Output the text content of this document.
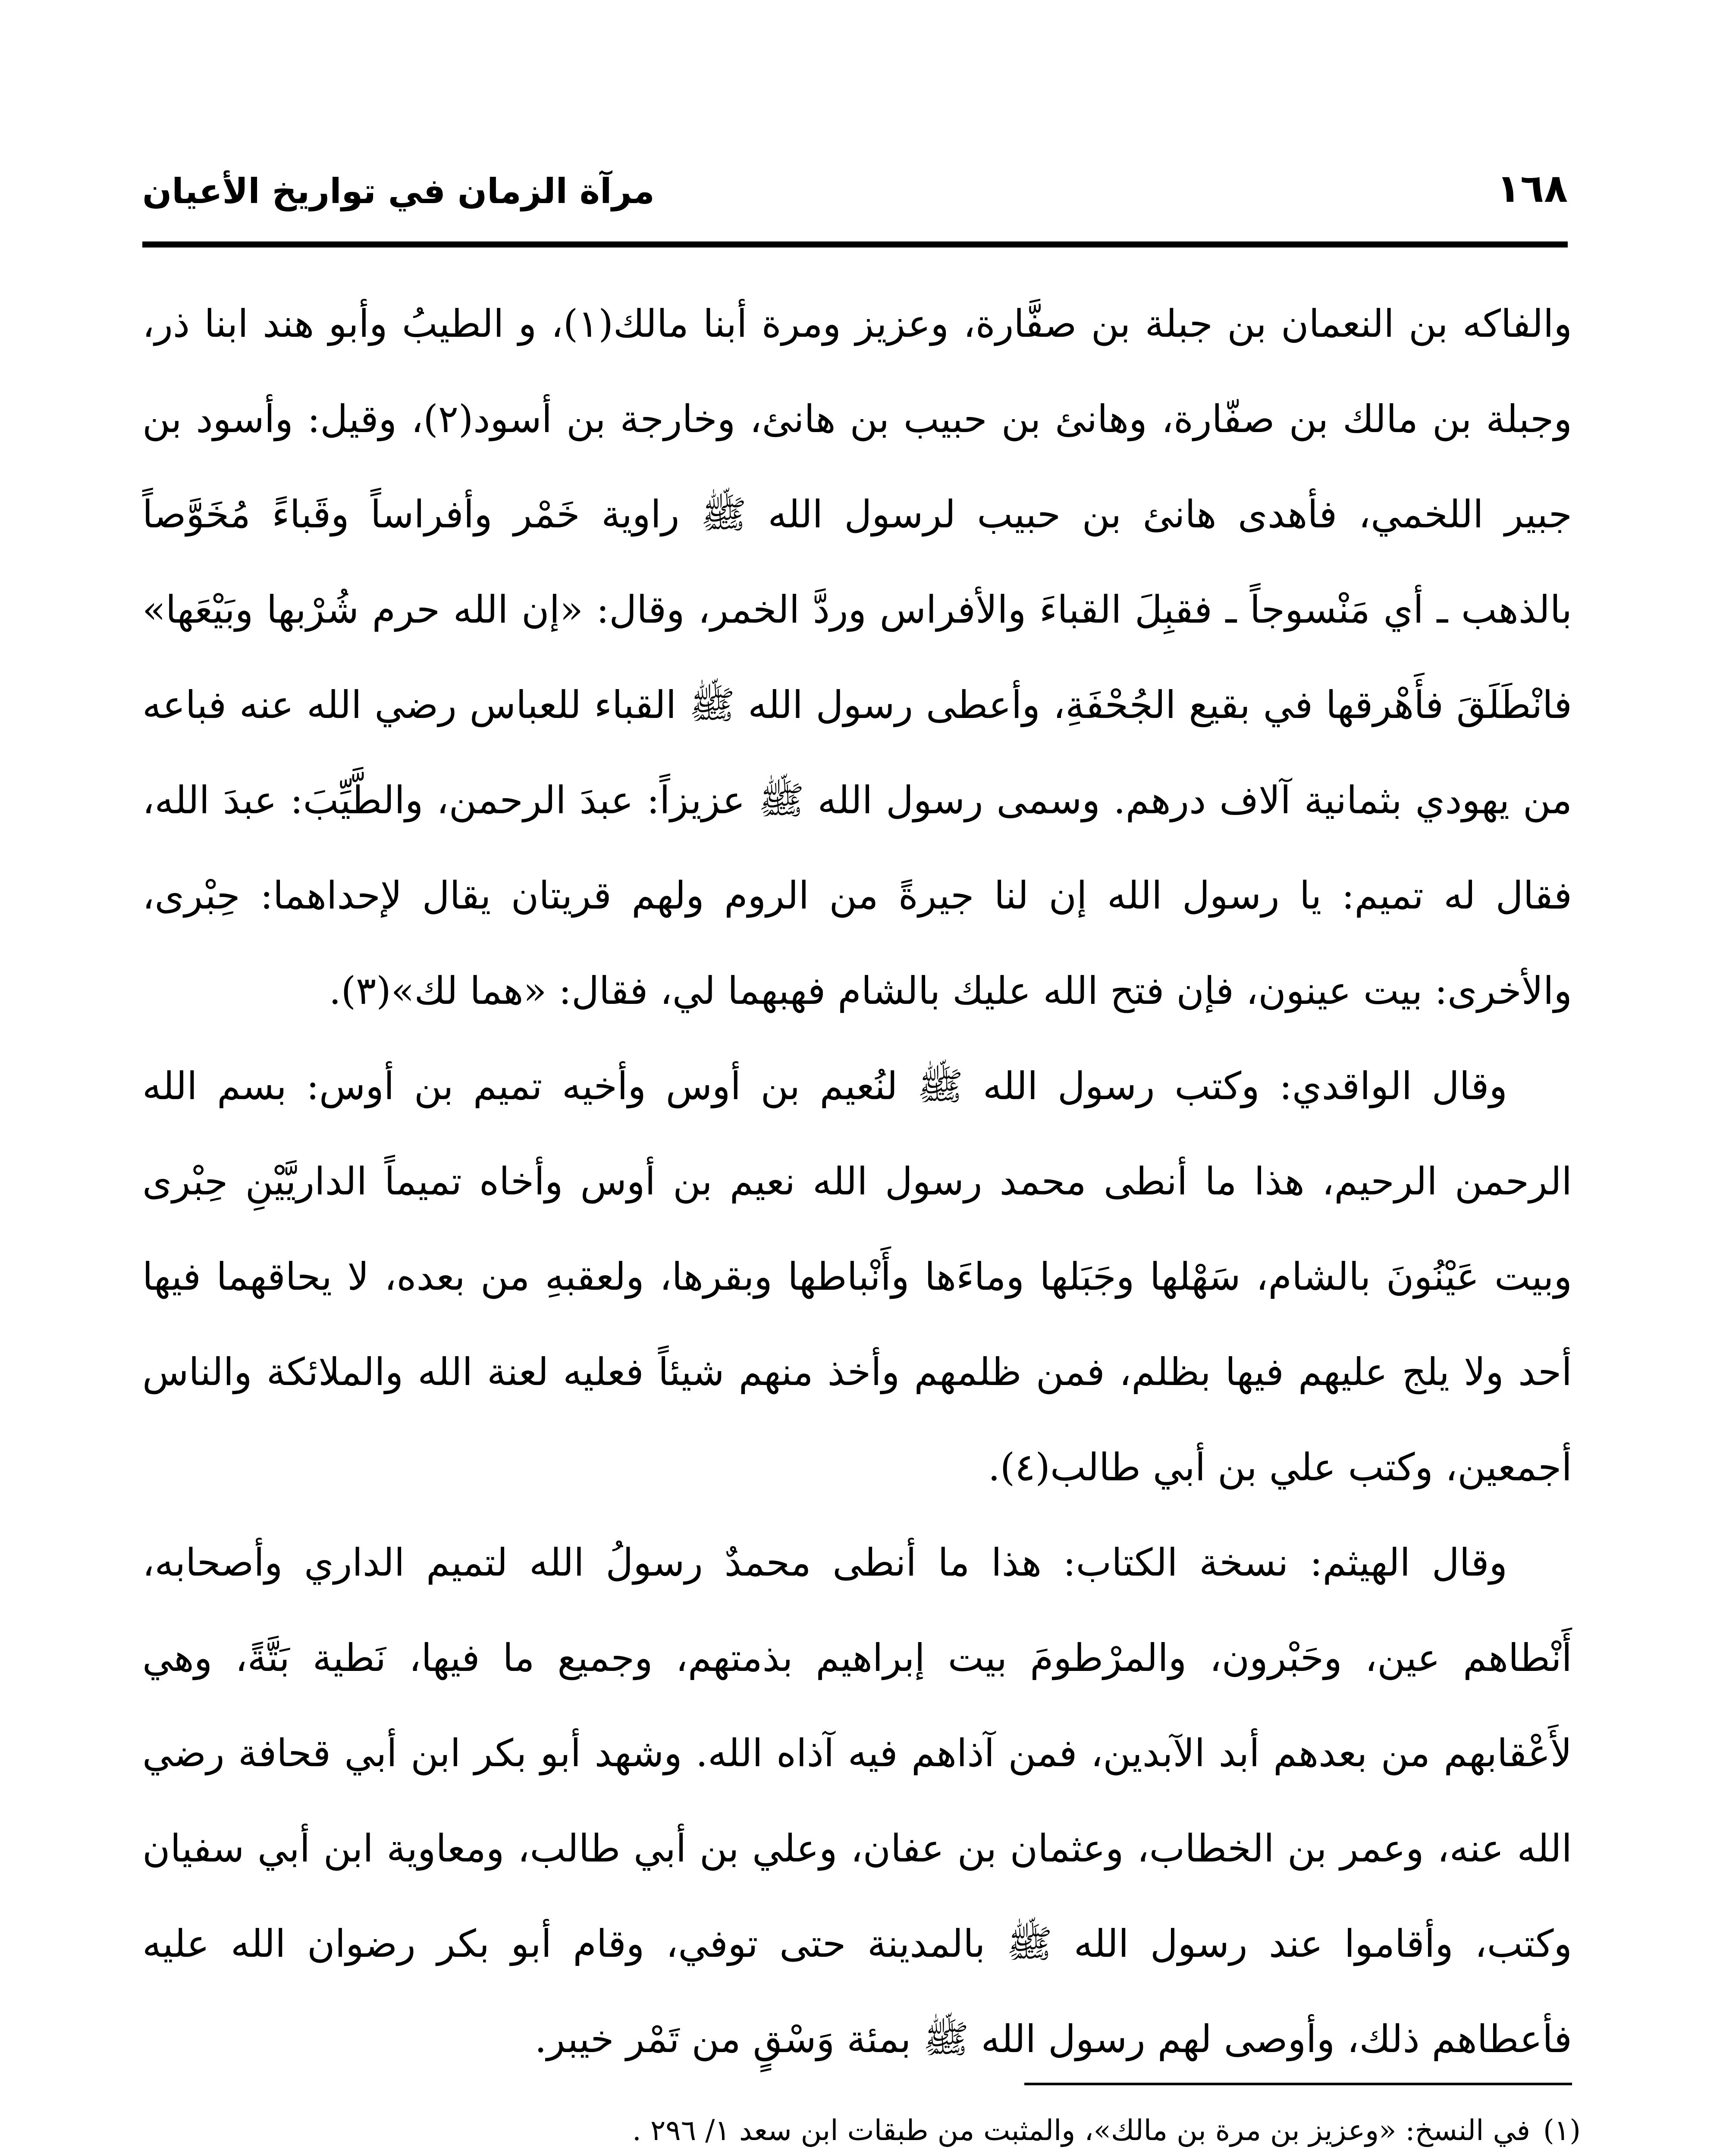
١٦٨
مرآة الزمان في تواريخ الأعيان

والفاكه بن النعمان بن جبلة بن صفَّارة، وعزيز ومرة أبنا مالك(١)، و الطيبُ وأبو هند ابنا ذر، وجبلة بن مالك بن صفّارة، وهانئ بن حبيب بن هانئ، وخارجة بن أسود(٢)، وقيل: وأسود بن جبير اللخمي، فأهدى هانئ بن حبيب لرسول الله ﷺ راوية خَمْر وأفراساً وقَباءً مُخَوَّصاً بالذهب ـ أي مَنْسوجاً ـ فقبِلَ القباءَ والأفراس وردَّ الخمر، وقال: «إن الله حرم شُرْبها وبَيْعَها» فانْطَلَقَ فأَهْرقها في بقيع الجُحْفَةِ، وأعطى رسول الله ﷺ القباء للعباس رضي الله عنه فباعه من يهودي بثمانية آلاف درهم. وسمى رسول الله ﷺ عزيزاً: عبدَ الرحمن، والطَّيِّبَ: عبدَ الله، فقال له تميم: يا رسول الله إن لنا جيرةً من الروم ولهم قريتان يقال لإحداهما: حِبْرى، والأخرى: بيت عينون، فإن فتح الله عليك بالشام فهبهما لي، فقال: «هما لك»(٣).

وقال الواقدي: وكتب رسول الله ﷺ لنُعيم بن أوس وأخيه تميم بن أوس: بسم الله الرحمن الرحيم، هذا ما أنطى محمد رسول الله نعيم بن أوس وأخاه تميماً الداريَّيْنِ حِبْرى وبيت عَيْنُونَ بالشام، سَهْلها وجَبَلها وماءَها وأَنْباطها وبقرها، ولعقبهِ من بعده، لا يحاقهما فيها أحد ولا يلج عليهم فيها بظلم، فمن ظلمهم وأخذ منهم شيئاً فعليه لعنة الله والملائكة والناس أجمعين، وكتب علي بن أبي طالب(٤).

وقال الهيثم: نسخة الكتاب: هذا ما أنطى محمدٌ رسولُ الله لتميم الداري وأصحابه، أَنْطاهم عين، وحَبْرون، والمرْطومَ بيت إبراهيم بذمتهم، وجميع ما فيها، نَطية بَتَّةً، وهي لأَعْقابهم من بعدهم أبد الآبدين، فمن آذاهم فيه آذاه الله. وشهد أبو بكر ابن أبي قحافة رضي الله عنه، وعمر بن الخطاب، وعثمان بن عفان، وعلي بن أبي طالب، ومعاوية ابن أبي سفيان وكتب، وأقاموا عند رسول الله ﷺ بالمدينة حتى توفي، وقام أبو بكر رضوان الله عليه فأعطاهم ذلك، وأوصى لهم رسول الله ﷺ بمئة وَسْقٍ من تَمْر خيبر.

(١)في النسخ: «وعزيز بن مرة بن مالك»، والمثبت من طبقات ابن سعد ١/ ٢٩٦ .
